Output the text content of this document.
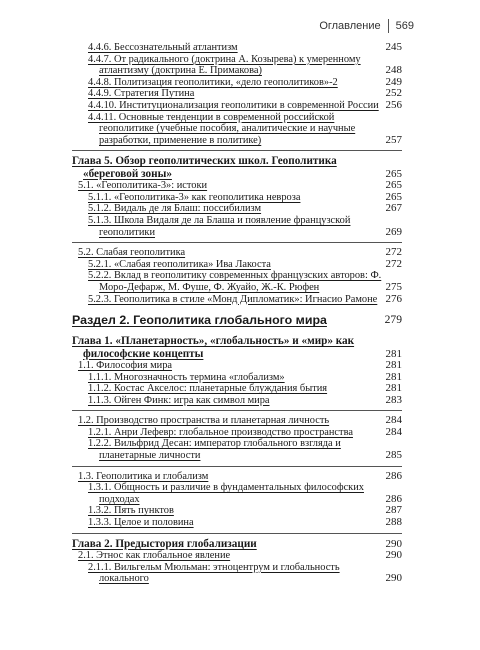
Оглавление 569
4.4.6. Бессознательный атлантизм	245
4.4.7. От радикального (доктрина А. Козырева) к умеренному атлантизму (доктрина Е. Примакова)	248
4.4.8. Политизация геополитики, «дело геополитиков»-2	249
4.4.9. Стратегия Путина	252
4.4.10. Институционализация геополитики в современной России 256
4.4.11. Основные тенденции в современной российской геополитике (учебные пособия, аналитические и научные разработки, применение в политике)	257
Глава 5. Обзор геополитических школ. Геополитика «береговой зоны»	265
5.1. «Геополитика-3»: истоки	265
5.1.1. «Геополитика-3» как геополитика невроза	265
5.1.2. Видаль де ля Блаш: поссибилизм	267
5.1.3. Школа Видаля де ла Блаша и появление французской геополитики	269
5.2. Слабая геополитика	272
5.2.1. «Слабая геополитика» Ива Лакоста	272
5.2.2. Вклад в геополитику современных французских авторов: Ф. Моро-Дефарж, М. Фуше, Ф. Жуайо, Ж.-К. Рюфен	275
5.2.3. Геополитика в стиле «Монд Дипломатик»: Игнасио Рамоне 276
Раздел 2. Геополитика глобального мира	279
Глава 1. «Планетарность», «глобальность» и «мир» как философские концепты	281
1.1. Философия мира	281
1.1.1. Многозначность термина «глобализм»	281
1.1.2. Костас Акселос: планетарные блуждания бытия	281
1.1.3. Ойген Финк: игра как символ мира	283
1.2. Производство пространства и планетарная личность	284
1.2.1. Анри Лефевр: глобальное производство пространства	284
1.2.2. Вильфрид Десан: император глобального взгляда и планетарные личности	285
1.3. Геополитика и глобализм	286
1.3.1. Общность и различие в фундаментальных философских подходах	286
1.3.2. Пять пунктов	287
1.3.3. Целое и половина	288
Глава 2. Предыстория глобализации	290
2.1. Этнос как глобальное явление	290
2.1.1. Вильгельм Мюльман: этноцентрум и глобальность локального	290
